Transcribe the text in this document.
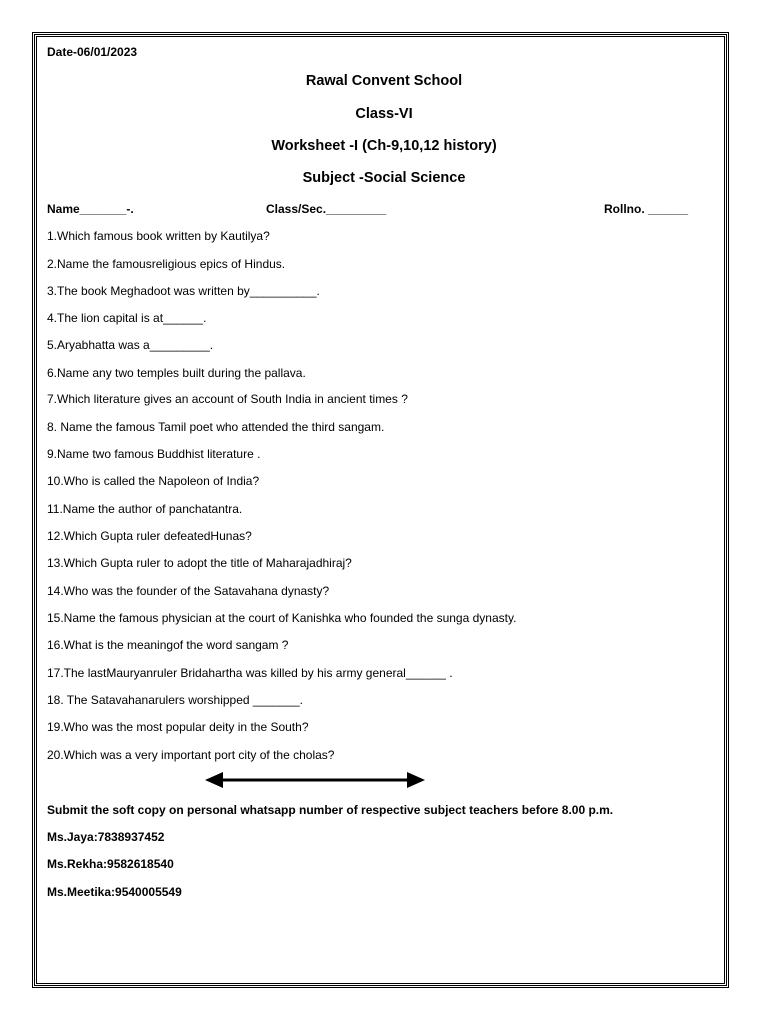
Date-06/01/2023
Rawal Convent School
Class-VI
Worksheet -I (Ch-9,10,12 history)
Subject -Social Science
Name_______-.	Class/Sec._________	Rollno. ______
1.Which famous book written by Kautilya?
2.Name the famousreligious epics of Hindus.
3.The book Meghadoot was written by__________.
4.The lion capital is at______.
5.Aryabhatta was a_________.
6.Name any two temples built during the pallava.
7.Which literature gives an account of South India in ancient times ?
8. Name the famous Tamil poet who attended the third sangam.
9.Name two famous Buddhist literature .
10.Who is called the Napoleon of India?
11.Name the author of panchatantra.
12.Which Gupta ruler defeatedHunas?
13.Which Gupta ruler to adopt the title of Maharajadhiraj?
14.Who was the founder of the Satavahana dynasty?
15.Name the famous physician at the court of Kanishka who founded the sunga dynasty.
16.What is the meaningof the word sangam ?
17.The lastMauryanruler Bridahartha was killed by his army general______ .
18. The Satavahanarulers worshipped _______.
19.Who was the most popular deity in the South?
20.Which was a very important port city of the cholas?
Submit the soft copy on personal whatsapp number of respective subject teachers before 8.00 p.m.
Ms.Jaya:7838937452
Ms.Rekha:9582618540
Ms.Meetika:9540005549
